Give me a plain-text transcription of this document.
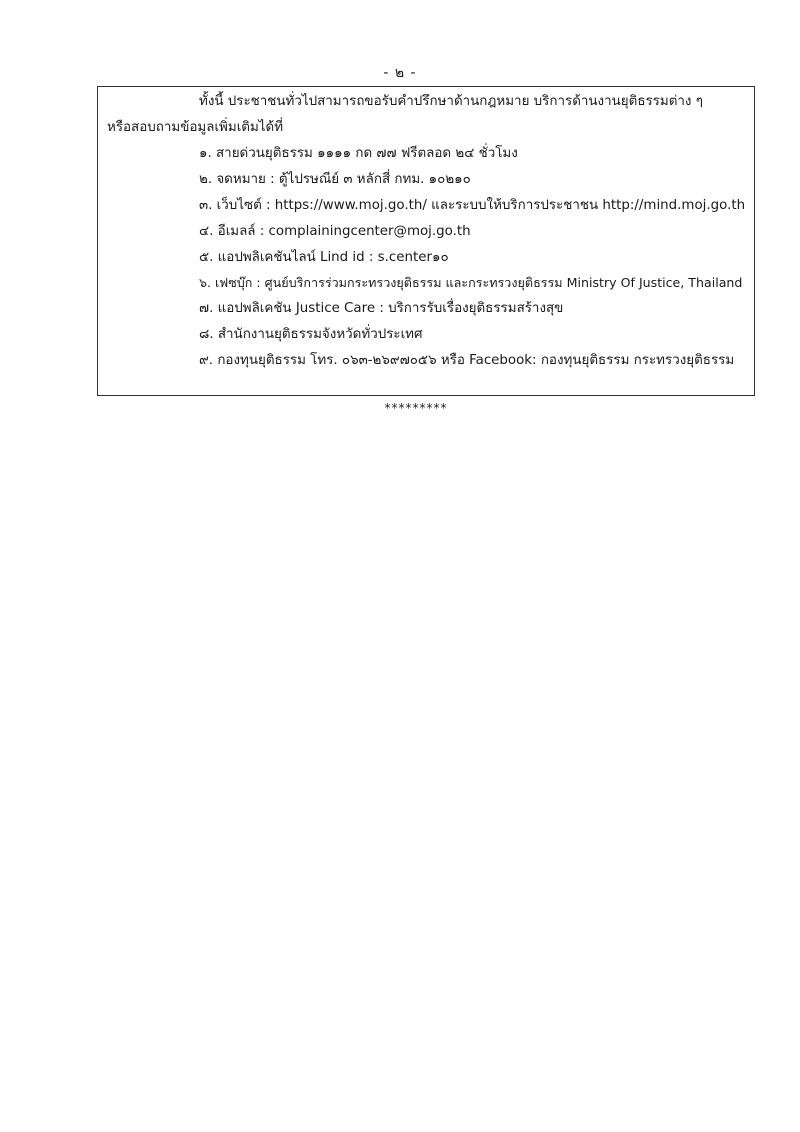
- ๒ -
ทั้งนี้ ประชาชนทั่วไปสามารถขอรับคำปรึกษาด้านกฎหมาย บริการด้านงานยุติธรรมต่าง ๆ
หรือสอบถามข้อมูลเพิ่มเติมได้ที่
๑. สายด่วนยุติธรรม ๑๑๑๑ กด ๗๗ ฟรีตลอด ๒๔ ชั่วโมง
๒. จดหมาย : ตู้ไปรษณีย์ ๓ หลักสี่ กทม. ๑๐๒๑๐
๓. เว็บไซต์ : https://www.moj.go.th/ และระบบให้บริการประชาชน http://mind.moj.go.th
๔. อีเมลล์ : complainingcenter@moj.go.th
๕. แอปพลิเคชันไลน์ Lind id : s.center๑๐
๖. เฟซบุ๊ก : ศูนย์บริการร่วมกระทรวงยุติธรรม และกระทรวงยุติธรรม Ministry Of Justice, Thailand
๗. แอปพลิเคชัน Justice Care : บริการรับเรื่องยุติธรรมสร้างสุข
๘. สำนักงานยุติธรรมจังหวัดทั่วประเทศ
๙. กองทุนยุติธรรม โทร. ๐๖๓-๒๖๙๗๐๕๖ หรือ Facebook: กองทุนยุติธรรม กระทรวงยุติธรรม
*********
